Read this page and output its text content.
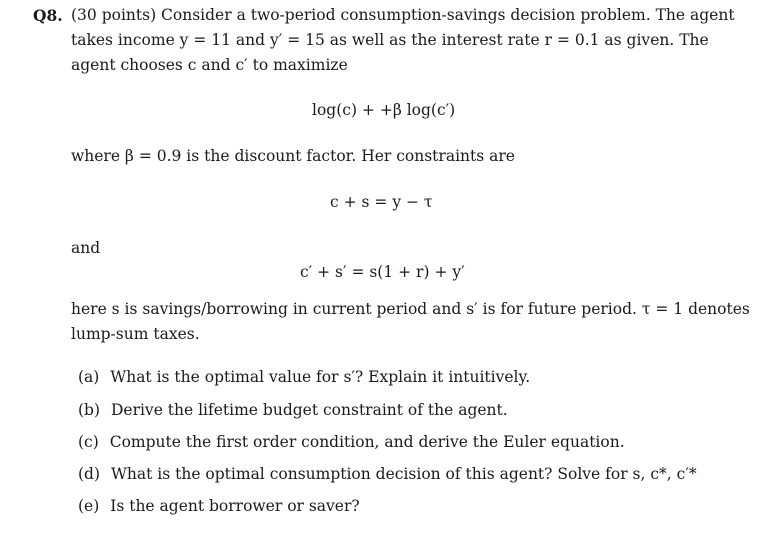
Q8. (30 points) Consider a two-period consumption-savings decision problem. The agent
takes income y = 11 and y′ = 15 as well as the interest rate r = 0.1 as given. The
agent chooses c and c′ to maximize
log(c) + +β log(c′)
where β = 0.9 is the discount factor. Her constraints are
c + s = y − τ
and
c′ + s′ = s(1 + r) + y′
here s is savings/borrowing in current period and s′ is for future period. τ = 1 denotes
lump-sum taxes.
(a) What is the optimal value for s′? Explain it intuitively.
(b) Derive the lifetime budget constraint of the agent.
(c) Compute the first order condition, and derive the Euler equation.
(d) What is the optimal consumption decision of this agent? Solve for s, c*, c′*
(e) Is the agent borrower or saver?
